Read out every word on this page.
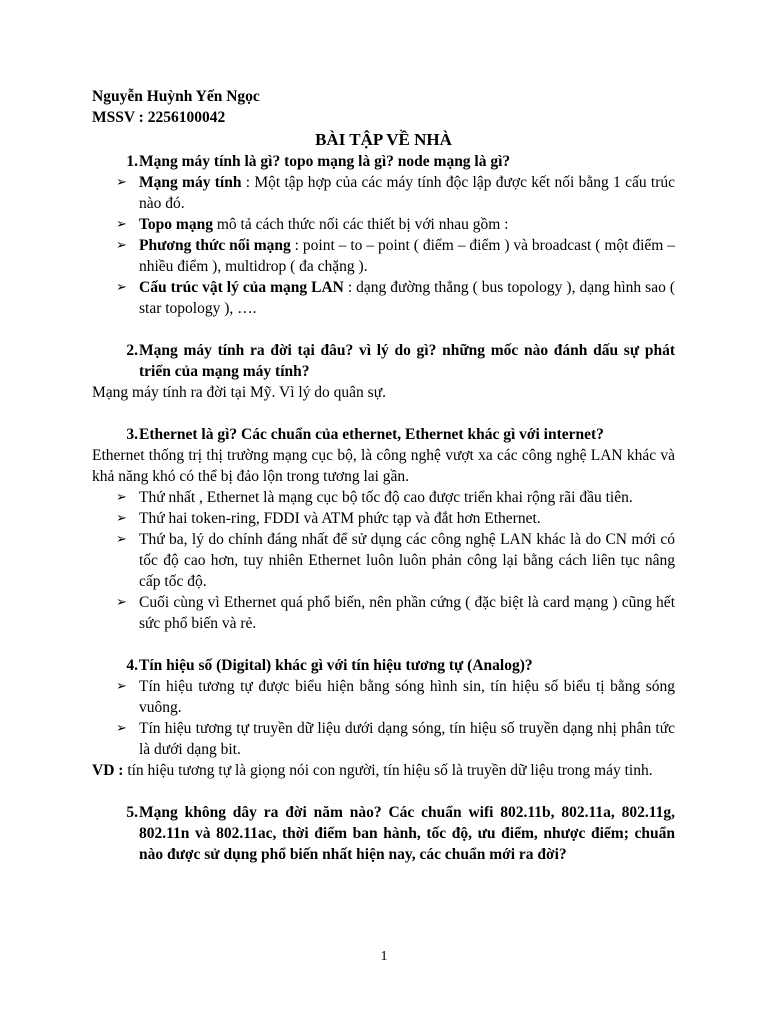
Nguyễn Huỳnh Yến Ngọc
MSSV : 2256100042
BÀI TẬP VỀ NHÀ
1. Mạng máy tính là gì? topo mạng là gì? node mạng là gì?
➢ Mạng máy tính : Một tập hợp của các máy tính độc lập được kết nối bằng 1 cấu trúc nào đó.
➢ Topo mạng mô tả cách thức nối các thiết bị với nhau gồm :
➢ Phương thức nối mạng : point – to – point ( điểm – điểm ) và broadcast ( một điểm – nhiều điểm ), multidrop ( đa chặng ).
➢ Cấu trúc vật lý của mạng LAN : dạng đường thẳng ( bus topology ), dạng hình sao ( star topology ), ….
2. Mạng máy tính ra đời tại đâu? vì lý do gì? những mốc nào đánh dấu sự phát triển của mạng máy tính?

Mạng máy tính ra đời tại Mỹ. Vì lý do quân sự.

3. Ethernet là gì? Các chuẩn của ethernet, Ethernet khác gì với internet?

Ethernet thống trị thị trường mạng cục bộ, là công nghệ vượt xa các công nghệ LAN khác và khả năng khó có thể bị đảo lộn trong tương lai gần.

➢ Thứ nhất , Ethernet là mạng cục bộ tốc độ cao được triển khai rộng rãi đầu tiên.
➢ Thứ hai token-ring, FDDI và ATM phức tạp và đắt hơn Ethernet.
➢ Thứ ba, lý do chính đáng nhất để sử dụng các công nghệ LAN khác là do CN mới có tốc độ cao hơn, tuy nhiên Ethernet luôn luôn phản công lại bằng cách liên tục nâng cấp tốc độ.
➢ Cuối cùng vì Ethernet quá phổ biến, nên phần cứng ( đặc biệt là card mạng ) cũng hết sức phổ biến và rẻ.
4. Tín hiệu số (Digital) khác gì với tín hiệu tương tự (Analog)?
➢ Tín hiệu tương tự được biểu hiện bằng sóng hình sin, tín hiệu số biểu tị bằng sóng vuông.
➢ Tín hiệu tương tự truyền dữ liệu dưới dạng sóng, tín hiệu số truyền dạng nhị phân tức là dưới dạng bit.

VD : tín hiệu tương tự là giọng nói con người, tín hiệu số là truyền dữ liệu trong máy tinh.

5. Mạng không dây ra đời năm nào? Các chuẩn wifi 802.11b, 802.11a, 802.11g, 802.11n và 802.11ac, thời điểm ban hành, tốc độ, ưu điểm, nhược điểm; chuẩn nào được sử dụng phổ biến nhất hiện nay, các chuẩn mới ra đời?
1
